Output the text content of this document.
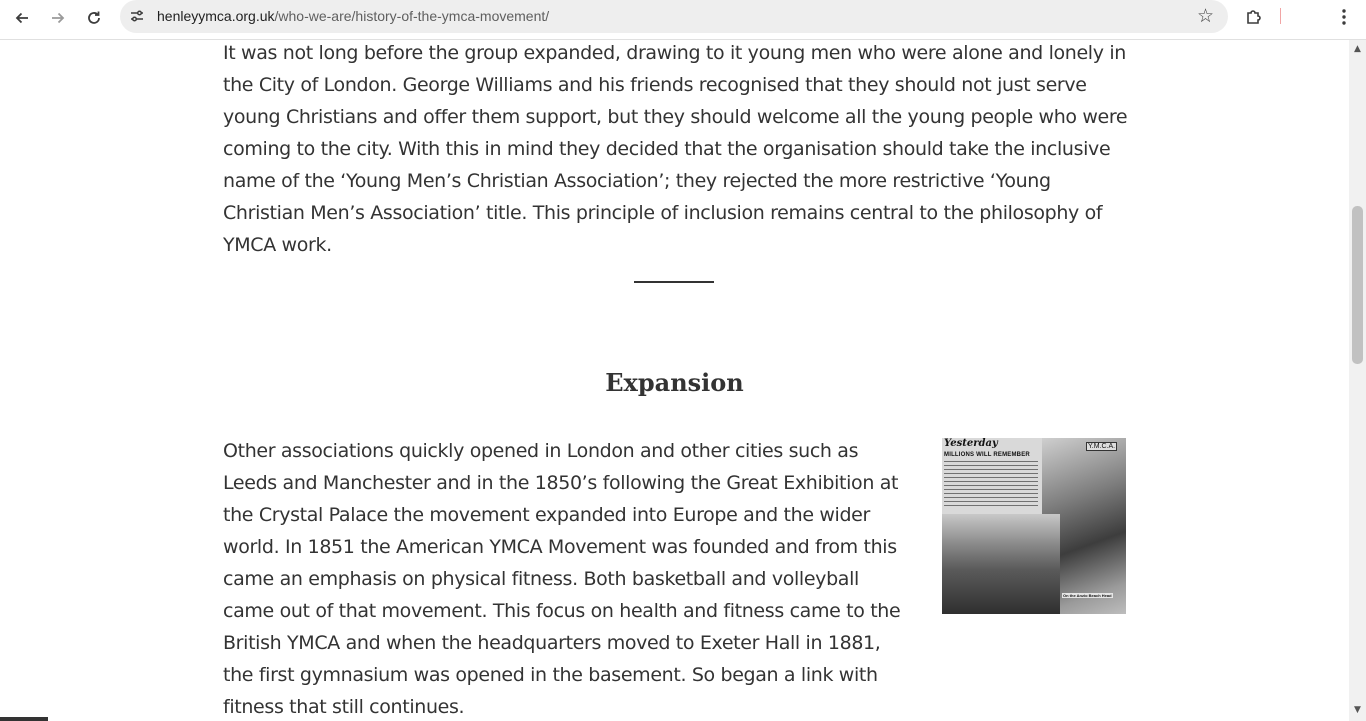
henleyymca.org.uk/who-we-are/history-of-the-ymca-movement/	☆

It was not long before the group expanded, drawing to it young men who were alone and lonely in the City of London. George Williams and his friends recognised that they should not just serve young Christians and offer them support, but they should welcome all the young people who were coming to the city. With this in mind they decided that the organisation should take the inclusive name of the ‘Young Men’s Christian Association’; they rejected the more restrictive ‘Young Christian Men’s Association’ title. This principle of inclusion remains central to the philosophy of YMCA work.

Expansion

Other associations quickly opened in London and other cities such as Leeds and Manchester and in the 1850’s following the Great Exhibition at the Crystal Palace the movement expanded into Europe and the wider world. In 1851 the American YMCA Movement was founded and from this came an emphasis on physical fitness. Both basketball and volleyball came out of that movement. This focus on health and fitness came to the British YMCA and when the headquarters moved to Exeter Hall in 1881, the first gymnasium was opened in the basement. So began a link with fitness that still continues.

Yesterday
MILLIONS WILL REMEMBER
Y.M.C.A.
On the Anzio Beach Head
▲
▼
